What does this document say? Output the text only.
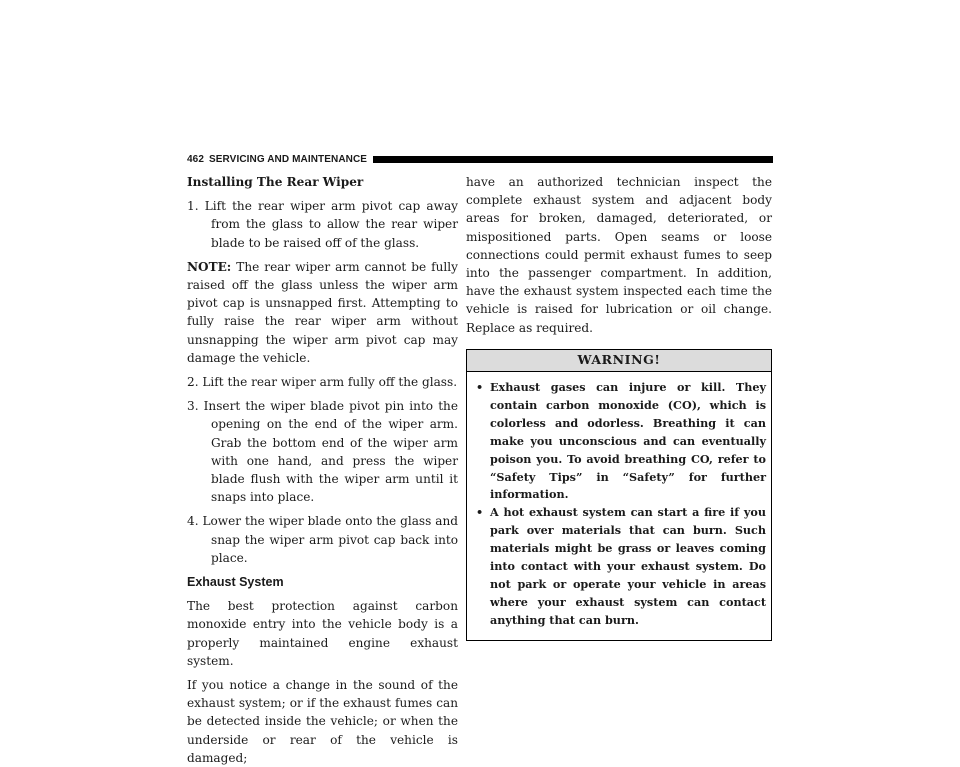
462 SERVICING AND MAINTENANCE
Installing The Rear Wiper
1. Lift the rear wiper arm pivot cap away from the glass to allow the rear wiper blade to be raised off of the glass.
NOTE: The rear wiper arm cannot be fully raised off the glass unless the wiper arm pivot cap is unsnapped first. Attempting to fully raise the rear wiper arm without unsnapping the wiper arm pivot cap may damage the vehicle.
2. Lift the rear wiper arm fully off the glass.
3. Insert the wiper blade pivot pin into the opening on the end of the wiper arm. Grab the bottom end of the wiper arm with one hand, and press the wiper blade flush with the wiper arm until it snaps into place.
4. Lower the wiper blade onto the glass and snap the wiper arm pivot cap back into place.
Exhaust System
The best protection against carbon monoxide entry into the vehicle body is a properly maintained engine exhaust system.
If you notice a change in the sound of the exhaust system; or if the exhaust fumes can be detected inside the vehicle; or when the underside or rear of the vehicle is damaged;
have an authorized technician inspect the complete exhaust system and adjacent body areas for broken, damaged, deteriorated, or mispositioned parts. Open seams or loose connections could permit exhaust fumes to seep into the passenger compartment. In addition, have the exhaust system inspected each time the vehicle is raised for lubrication or oil change. Replace as required.
WARNING!
• Exhaust gases can injure or kill. They contain carbon monoxide (CO), which is colorless and odorless. Breathing it can make you unconscious and can eventually poison you. To avoid breathing CO, refer to “Safety Tips” in “Safety” for further information.
• A hot exhaust system can start a fire if you park over materials that can burn. Such materials might be grass or leaves coming into contact with your exhaust system. Do not park or operate your vehicle in areas where your exhaust system can contact anything that can burn.
